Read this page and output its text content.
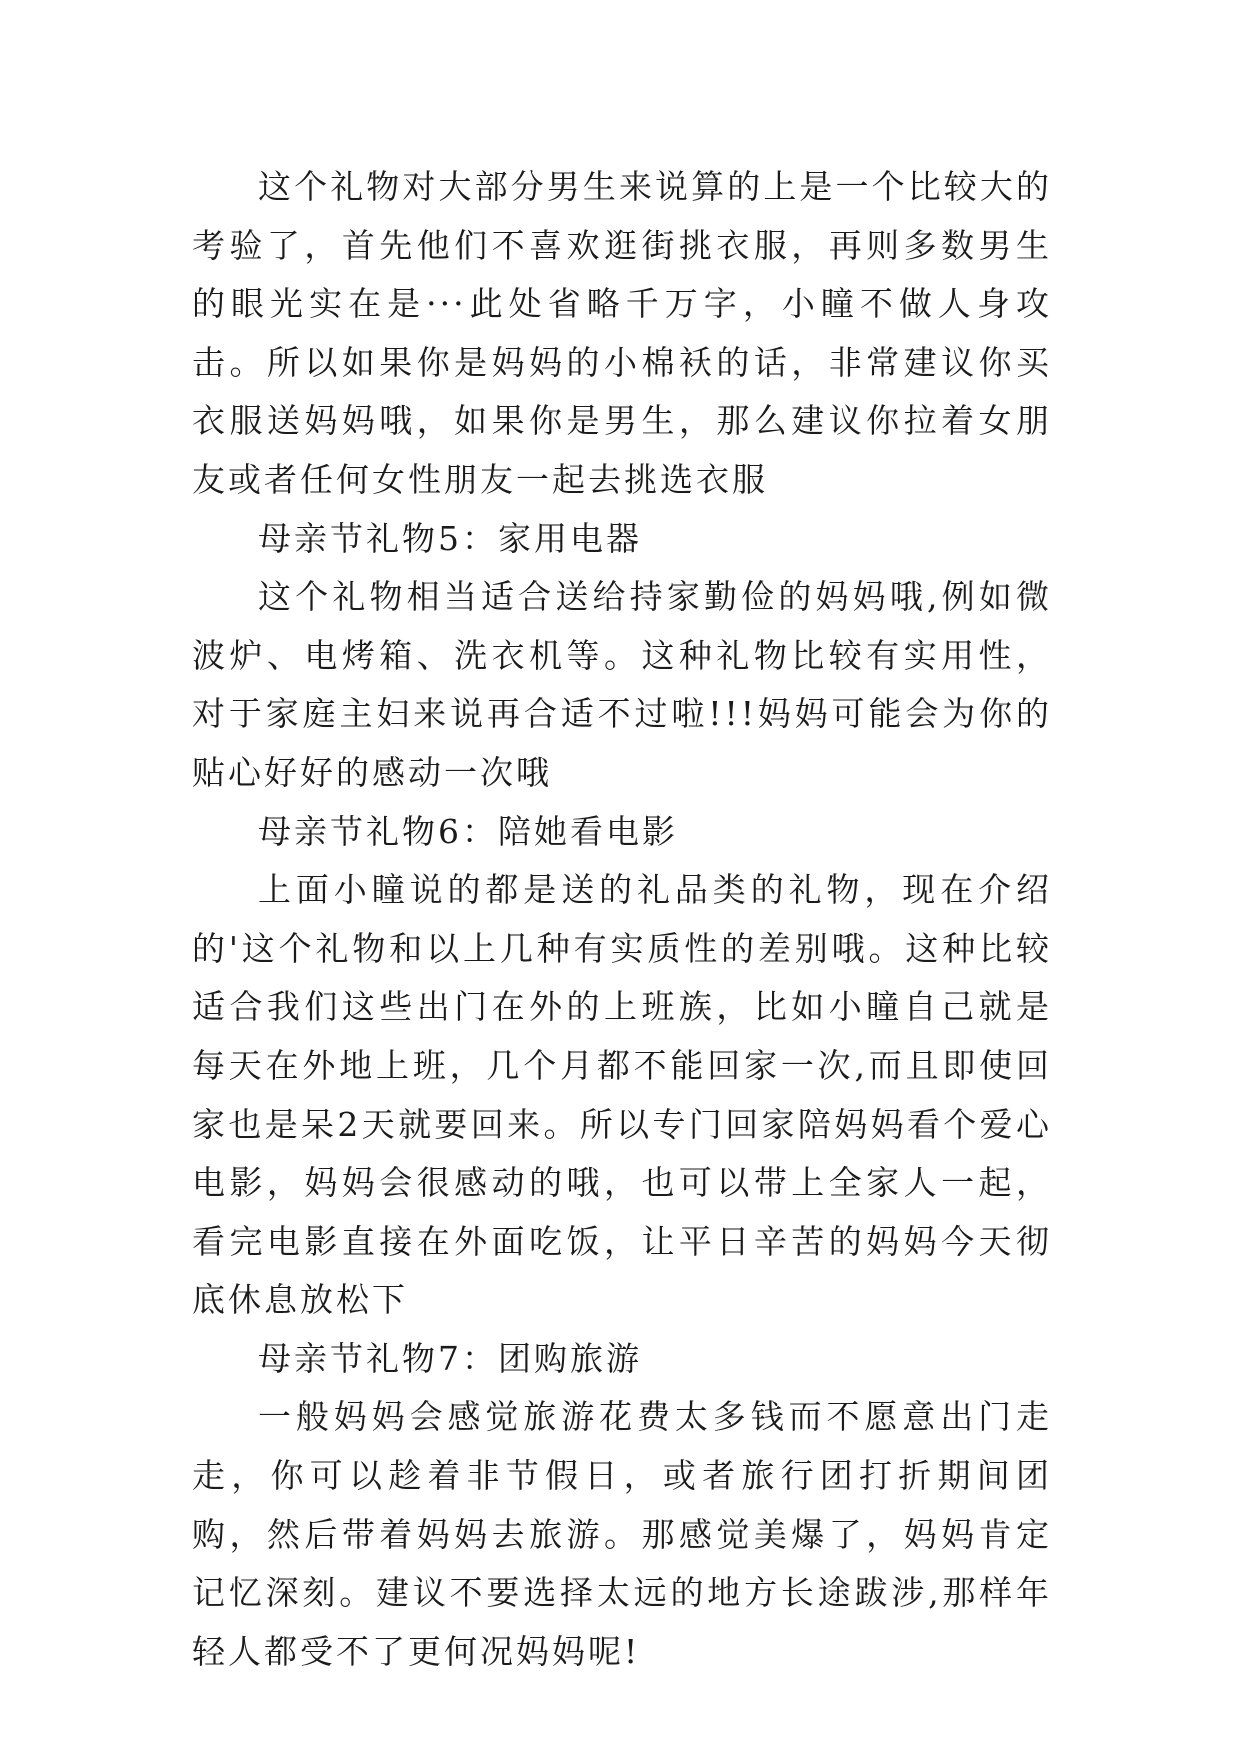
这个礼物对大部分男生来说算的上是一个比较大的考验了，首先他们不喜欢逛街挑衣服，再则多数男生的眼光实在是···此处省略千万字，小瞳不做人身攻击。所以如果你是妈妈的小棉袄的话，非常建议你买衣服送妈妈哦，如果你是男生，那么建议你拉着女朋友或者任何女性朋友一起去挑选衣服

母亲节礼物5：家用电器

这个礼物相当适合送给持家勤俭的妈妈哦,例如微波炉、电烤箱、洗衣机等。这种礼物比较有实用性，对于家庭主妇来说再合适不过啦!!!妈妈可能会为你的贴心好好的感动一次哦

母亲节礼物6：陪她看电影

上面小瞳说的都是送的礼品类的礼物，现在介绍的'这个礼物和以上几种有实质性的差别哦。这种比较适合我们这些出门在外的上班族，比如小瞳自己就是每天在外地上班，几个月都不能回家一次,而且即使回家也是呆2天就要回来。所以专门回家陪妈妈看个爱心电影，妈妈会很感动的哦，也可以带上全家人一起，看完电影直接在外面吃饭，让平日辛苦的妈妈今天彻底休息放松下

母亲节礼物7：团购旅游

一般妈妈会感觉旅游花费太多钱而不愿意出门走走，你可以趁着非节假日，或者旅行团打折期间团购，然后带着妈妈去旅游。那感觉美爆了，妈妈肯定记忆深刻。建议不要选择太远的地方长途跋涉,那样年轻人都受不了更何况妈妈呢!
